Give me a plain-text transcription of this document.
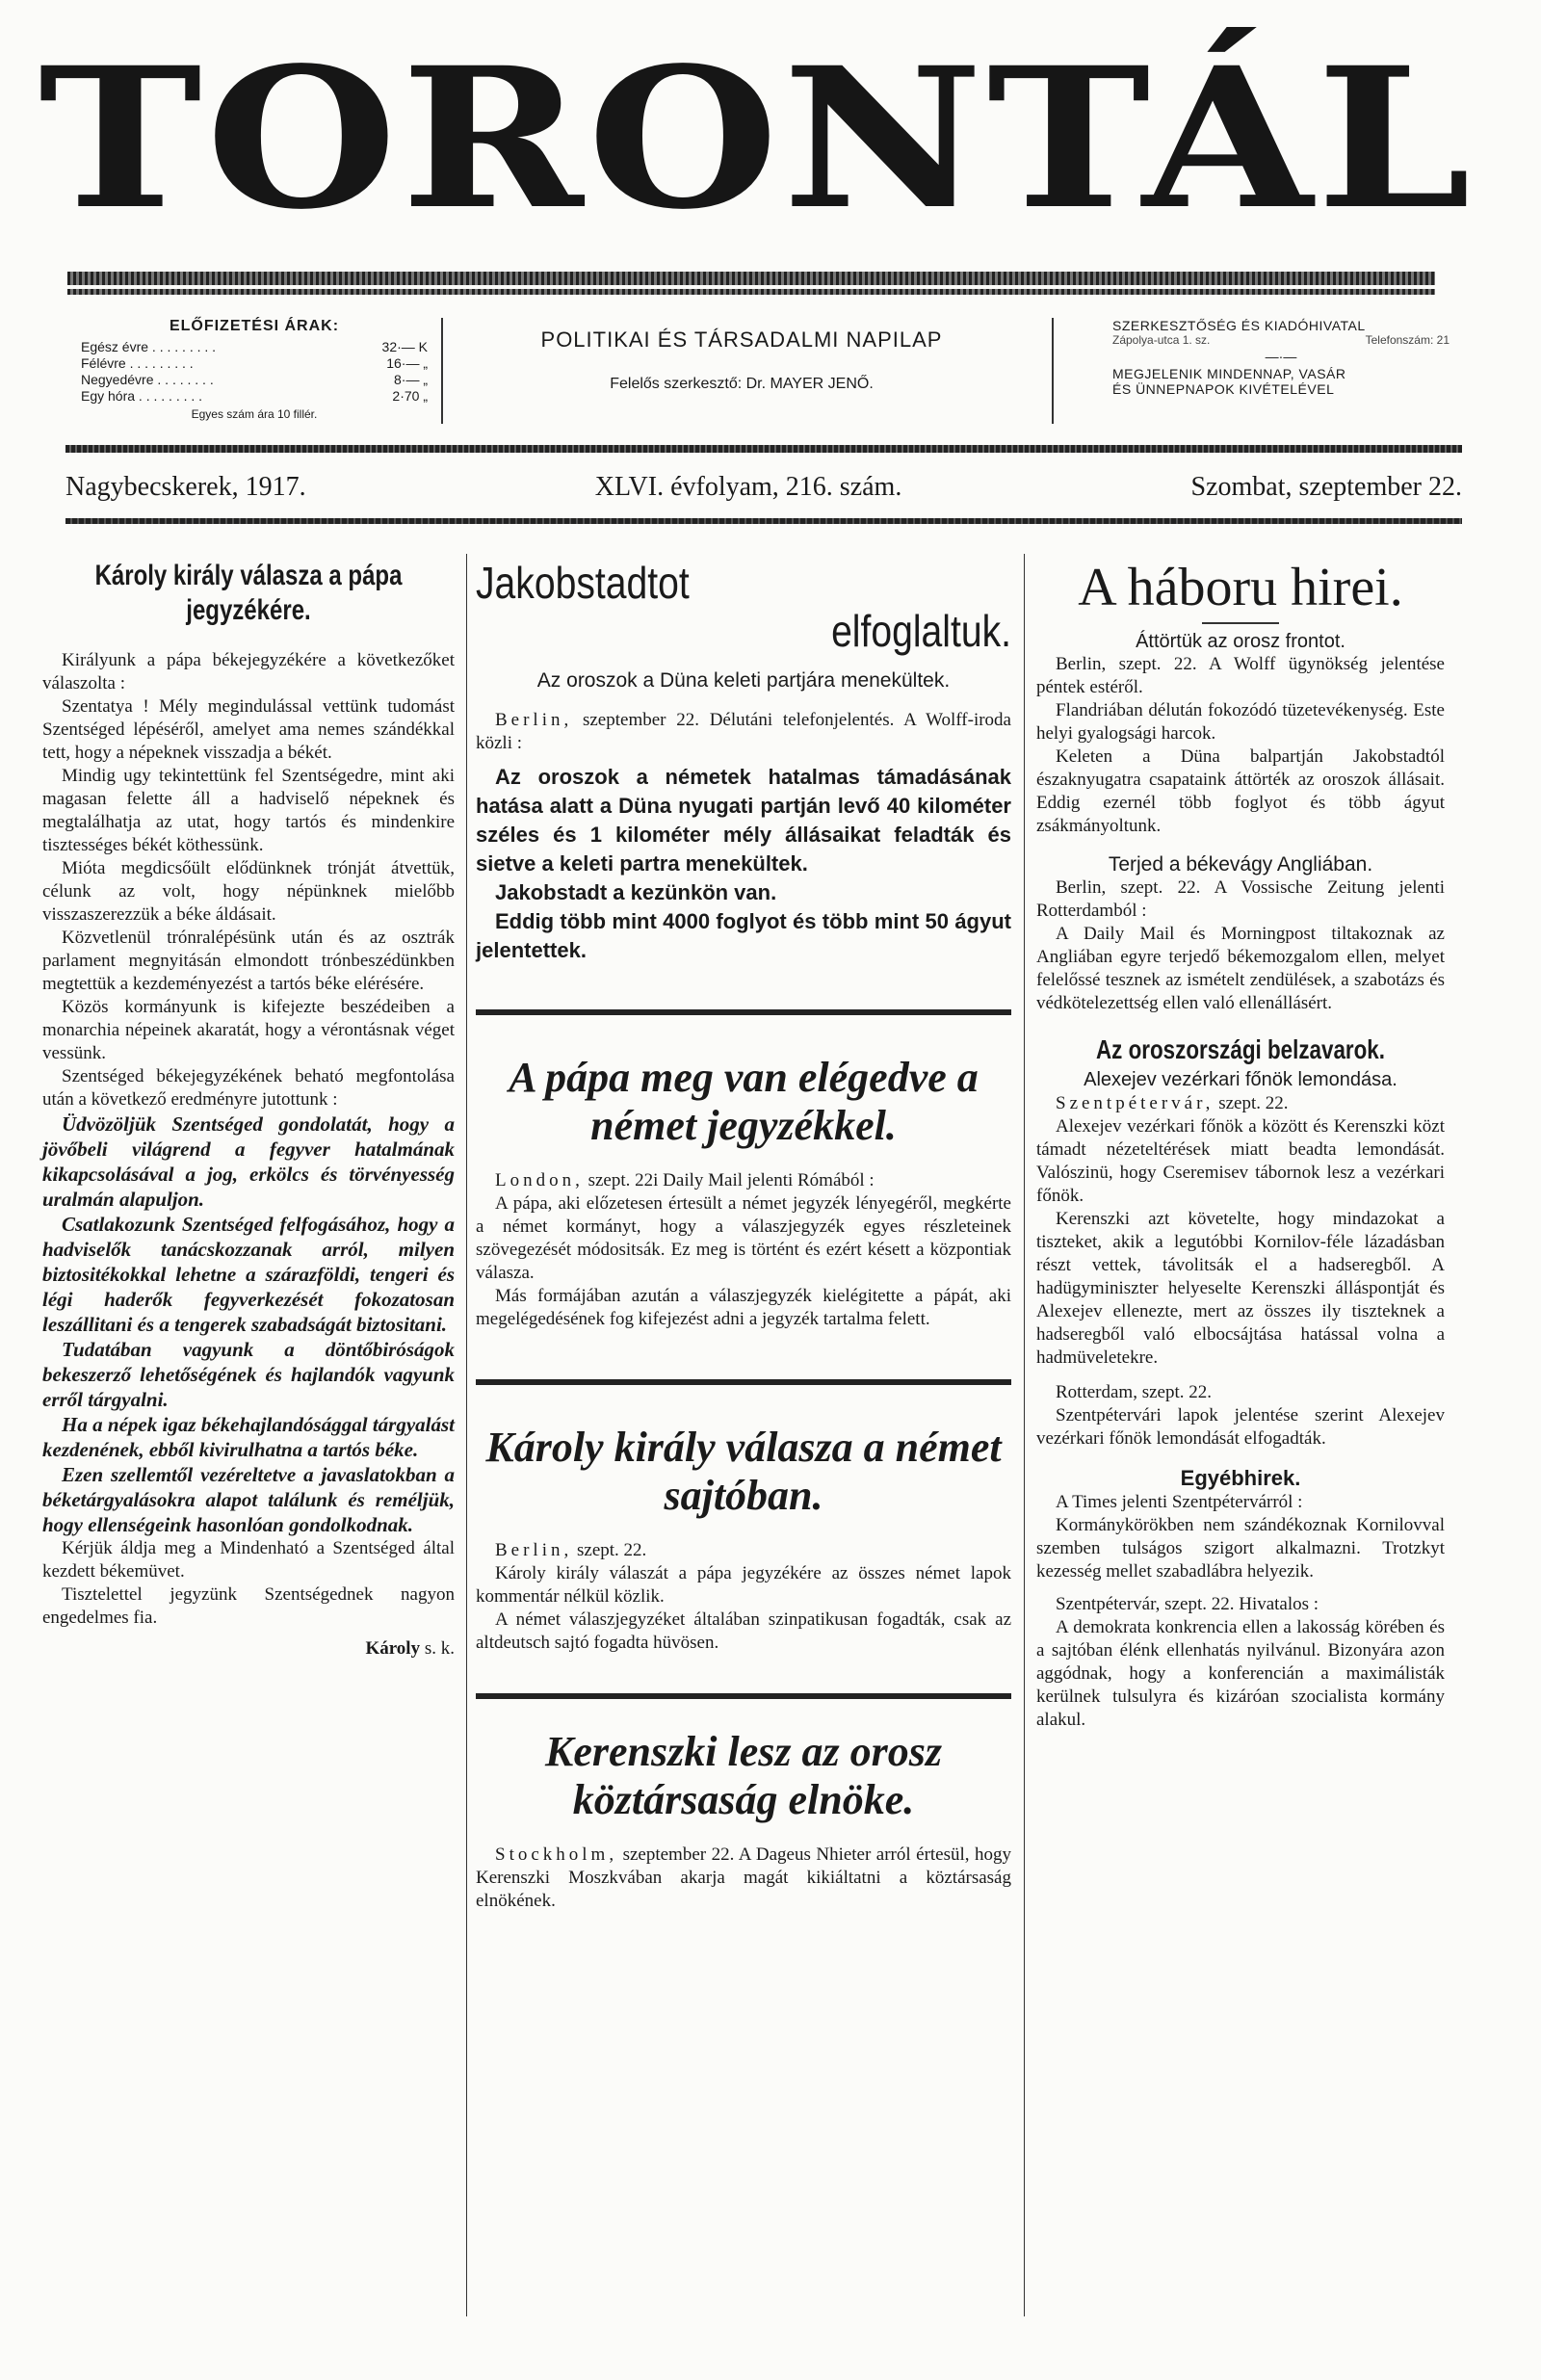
TORONTÁL
ELŐFIZETÉSI ÁRAK:
Egész évre . . . . . . . . .	32·— K
Félévre . . . . . . . . .	16·— „
Negyedévre . . . . . . . .	8·— „
Egy hóra . . . . . . . . .	2·70 „
Egyes szám ára 10 fillér.
POLITIKAI ÉS TÁRSADALMI NAPILAP
Felelős szerkesztő: Dr. MAYER JENŐ.
SZERKESZTŐSÉG ÉS KIADÓHIVATAL
Zápolya-utca 1. sz.	Telefonszám: 21
—·—
MEGJELENIK MINDENNAP, VASÁR
ÉS ÜNNEPNAPOK KIVÉTELÉVEL
Nagybecskerek, 1917.	XLVI. évfolyam, 216. szám.	Szombat, szeptember 22.
Károly király válasza a pápa jegyzékére.

Királyunk a pápa békejegyzékére a következőket válaszolta :

Szentatya ! Mély megindulással vettünk tudomást Szentséged lépéséről, amelyet ama nemes szándékkal tett, hogy a népeknek visszadja a békét.

Mindig ugy tekintettünk fel Szentségedre, mint aki magasan felette áll a hadviselő népeknek és megtalálhatja az utat, hogy tartós és mindenkire tisztességes békét köthessünk.

Mióta megdicsőült elődünknek trónját átvettük, célunk az volt, hogy népünknek mielőbb visszaszerezzük a béke áldásait.

Közvetlenül trónralépésünk után és az osztrák parlament megnyitásán elmondott trónbeszédünkben megtettük a kezdeményezést a tartós béke elérésére.

Közös kormányunk is kifejezte beszédeiben a monarchia népeinek akaratát, hogy a vérontásnak véget vessünk.

Szentséged békejegyzékének beható megfontolása után a következő eredményre jutottunk :

Üdvözöljük Szentséged gondolatát, hogy a jövőbeli világrend a fegyver hatalmának kikapcsolásával a jog, erkölcs és törvényesség uralmán alapuljon.

Csatlakozunk Szentséged felfogásához, hogy a hadviselők tanácskozzanak arról, milyen biztositékokkal lehetne a szárazföldi, tengeri és légi haderők fegyverkezését fokozatosan leszállitani és a tengerek szabadságát biztositani.

Tudatában vagyunk a döntőbiróságok bekeszerző lehetőségének és hajlandók vagyunk erről tárgyalni.

Ha a népek igaz békehajlandósággal tárgyalást kezdenének, ebből kivirulhatna a tartós béke.

Ezen szellemtől vezéreltetve a javaslatokban a béketárgyalásokra alapot találunk és reméljük, hogy ellenségeink hasonlóan gondolkodnak.

Kérjük áldja meg a Mindenható a Szentséged által kezdett békemüvet.

Tisztelettel jegyzünk Szentségednek nagyon engedelmes fia.

Károly s. k.

Jakobstadtot
elfoglaltuk.
Az oroszok a Düna keleti partjára menekültek.

Berlin, szeptember 22. Délutáni telefonjelentés. A Wolff-iroda közli :

Az oroszok a németek hatalmas támadásának hatása alatt a Düna nyugati partján levő 40 kilométer széles és 1 kilométer mély állásaikat feladták és sietve a keleti partra menekültek.

Jakobstadt a kezünkön van.

Eddig több mint 4000 foglyot és több mint 50 ágyut jelentettek.

A pápa meg van elégedve a német jegyzékkel.

London, szept. 22i Daily Mail jelenti Rómából :

A pápa, aki előzetesen értesült a német jegyzék lényegéről, megkérte a német kormányt, hogy a válaszjegyzék egyes részleteinek szövegezését módositsák. Ez meg is történt és ezért késett a központiak válasza.

Más formájában azután a válaszjegyzék kielégitette a pápát, aki megelégedésének fog kifejezést adni a jegyzék tartalma felett.

Károly király válasza a német sajtóban.

Berlin, szept. 22.

Károly király válaszát a pápa jegyzékére az összes német lapok kommentár nélkül közlik.

A német válaszjegyzéket általában szinpatikusan fogadták, csak az altdeutsch sajtó fogadta hüvösen.

Kerenszki lesz az orosz köztársaság elnöke.

Stockholm, szeptember 22. A Dageus Nhieter arról értesül, hogy Kerenszki Moszkvában akarja magát kikiáltatni a köztársaság elnökének.

A háboru hirei.
Áttörtük az orosz frontot.

Berlin, szept. 22. A Wolff ügynökség jelentése péntek estéről.

Flandriában délután fokozódó tüzetevékenység. Este helyi gyalogsági harcok.

Keleten a Düna balpartján Jakobstadtól északnyugatra csapataink áttörték az oroszok állásait. Eddig ezernél több foglyot és több ágyut zsákmányoltunk.

Terjed a békevágy Angliában.

Berlin, szept. 22. A Vossische Zeitung jelenti Rotterdamból :

A Daily Mail és Morningpost tiltakoznak az Angliában egyre terjedő békemozgalom ellen, melyet felelőssé tesznek az ismételt zendülések, a szabotázs és védkötelezettség ellen való ellenállásért.

Az oroszországi belzavarok.
Alexejev vezérkari főnök lemondása.

Szentpétervár, szept. 22.

Alexejev vezérkari főnök a között és Kerenszki közt támadt nézeteltérések miatt beadta lemondását. Valószinü, hogy Cseremisev tábornok lesz a vezérkari főnök.

Kerenszki azt követelte, hogy mindazokat a tiszteket, akik a legutóbbi Kornilov-féle lázadásban részt vettek, távolitsák el a hadseregből. A hadügyminiszter helyeselte Kerenszki álláspontját és Alexejev ellenezte, mert az összes ily tiszteknek a hadseregből való elbocsájtása hatással volna a hadmüveletekre.

Rotterdam, szept. 22.

Szentpétervári lapok jelentése szerint Alexejev vezérkari főnök lemondását elfogadták.

Egyébhirek.

A Times jelenti Szentpétervárról :

Kormánykörökben nem szándékoznak Kornilovval szemben tulságos szigort alkalmazni. Trotzkyt kezesség mellet szabadlábra helyezik.

Szentpétervár, szept. 22. Hivatalos :

A demokrata konkrencia ellen a lakosság körében és a sajtóban élénk ellenhatás nyilvánul. Bizonyára azon aggódnak, hogy a konferencián a maximálisták kerülnek tulsulyra és kizáróan szocialista kormány alakul.
